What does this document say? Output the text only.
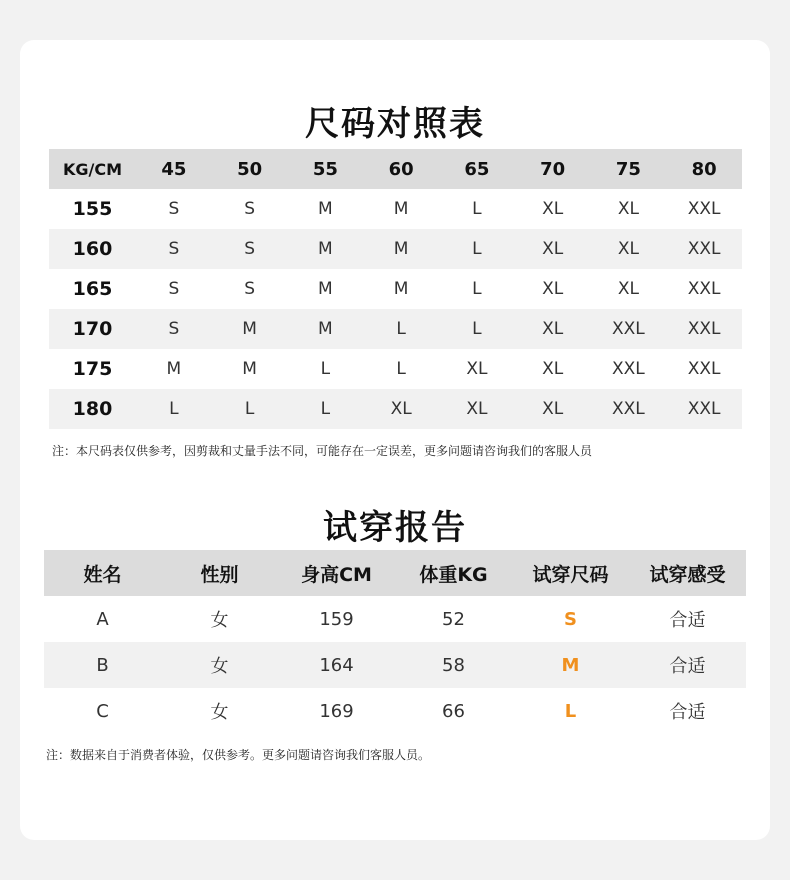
尺码对照表
KG/CM	45	50	55	60	65	70	75	80
155	S	S	M	M	L	XL	XL	XXL
160	S	S	M	M	L	XL	XL	XXL
165	S	S	M	M	L	XL	XL	XXL
170	S	M	M	L	L	XL	XXL	XXL
175	M	M	L	L	XL	XL	XXL	XXL
180	L	L	L	XL	XL	XL	XXL	XXL
注：本尺码表仅供参考，因剪裁和丈量手法不同，可能存在一定误差，更多问题请咨询我们的客服人员
试穿报告
姓名	性别	身高CM	体重KG	试穿尺码	试穿感受
A	女	159	52	S	合适
B	女	164	58	M	合适
C	女	169	66	L	合适
注：数据来自于消费者体验，仅供参考。更多问题请咨询我们客服人员。
